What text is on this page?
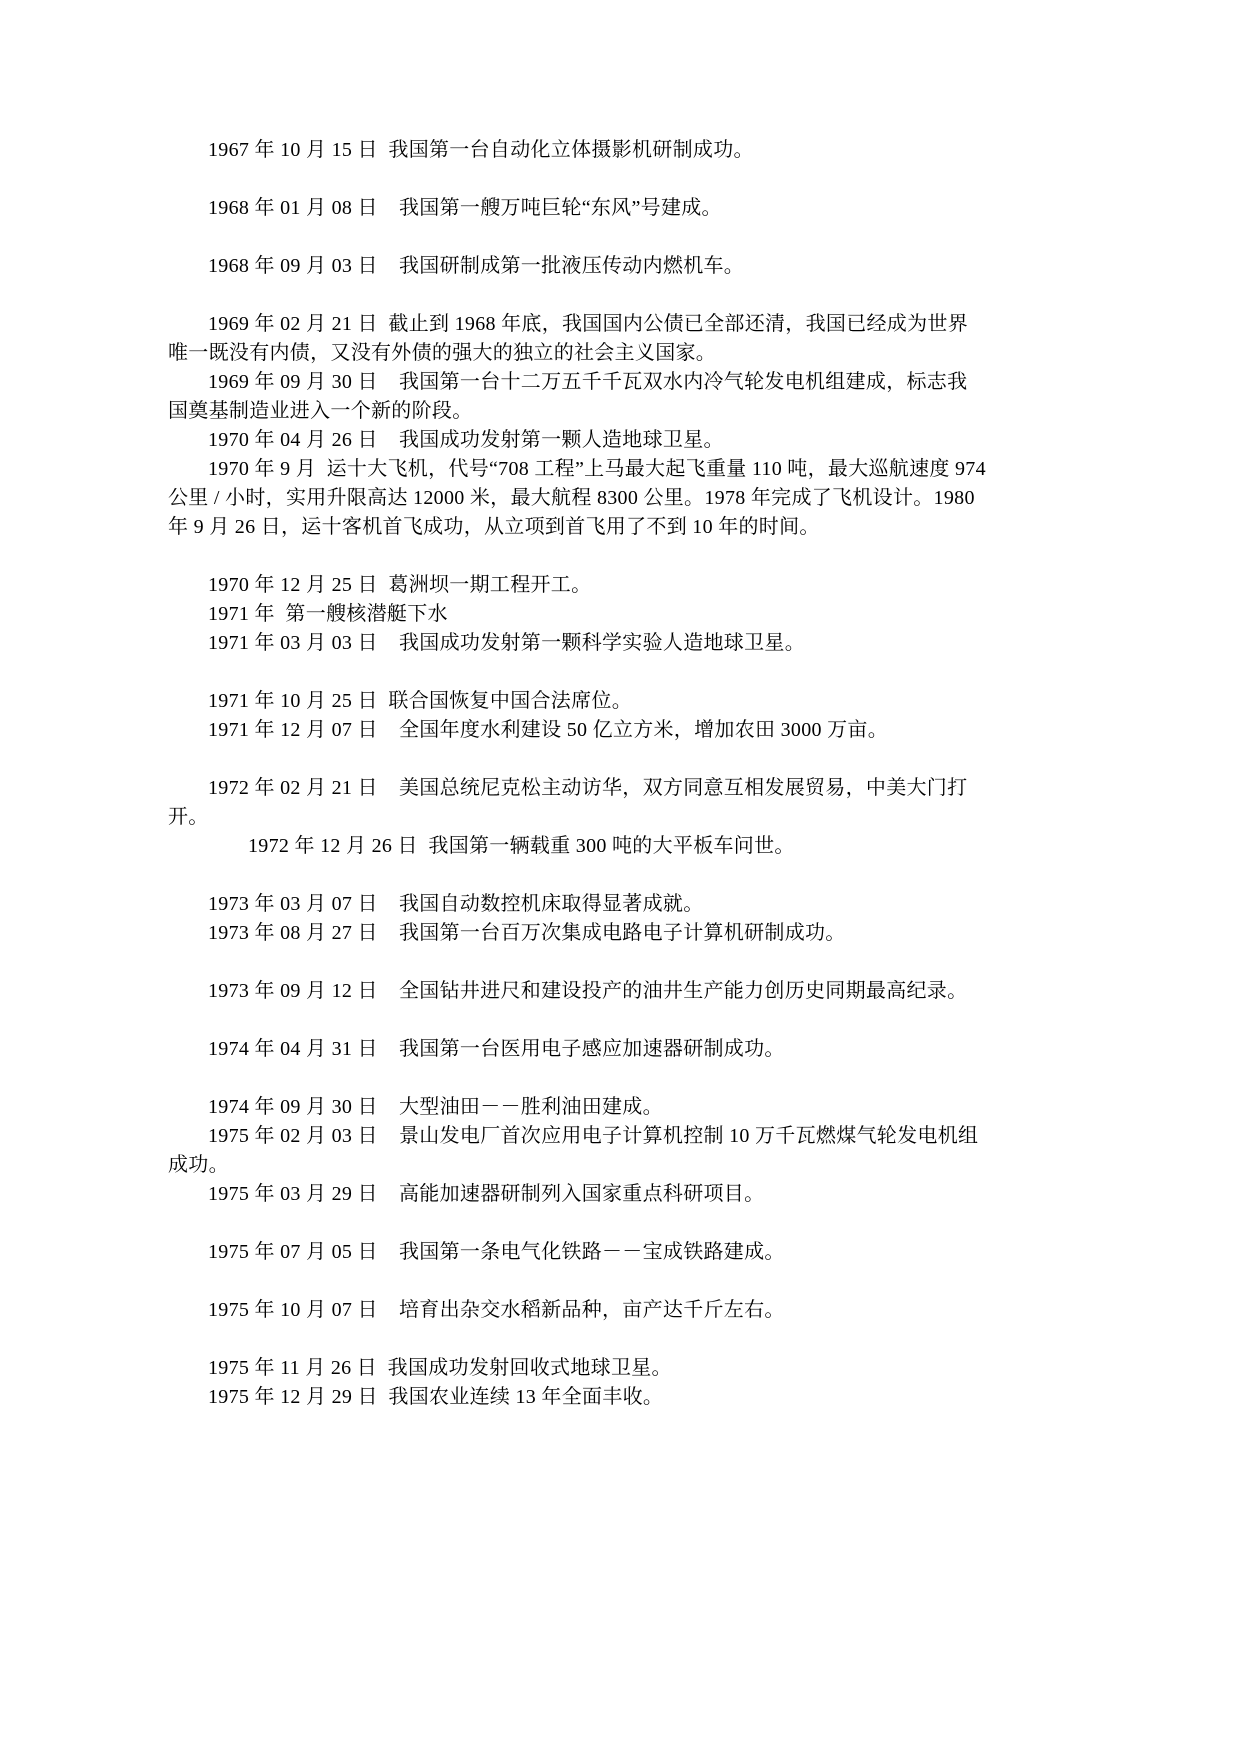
1967 年 10 月 15 日  我国第一台自动化立体摄影机研制成功。
1968 年 01 月 08 日    我国第一艘万吨巨轮“东风”号建成。
1968 年 09 月 03 日    我国研制成第一批液压传动内燃机车。
1969 年 02 月 21 日  截止到 1968 年底，我国国内公债已全部还清，我国已经成为世界
唯一既没有内债，又没有外债的强大的独立的社会主义国家。
1969 年 09 月 30 日    我国第一台十二万五千千瓦双水内冷气轮发电机组建成，标志我
国奠基制造业进入一个新的阶段。
1970 年 04 月 26 日    我国成功发射第一颗人造地球卫星。
1970 年 9 月  运十大飞机，代号“708 工程”上马最大起飞重量 110 吨，最大巡航速度 974
公里 / 小时，实用升限高达 12000 米，最大航程 8300 公里。1978 年完成了飞机设计。1980
年 9 月 26 日，运十客机首飞成功，从立项到首飞用了不到 10 年的时间。
1970 年 12 月 25 日  葛洲坝一期工程开工。
1971 年  第一艘核潜艇下水
1971 年 03 月 03 日    我国成功发射第一颗科学实验人造地球卫星。
1971 年 10 月 25 日  联合国恢复中国合法席位。
1971 年 12 月 07 日    全国年度水利建设 50 亿立方米，增加农田 3000 万亩。
1972 年 02 月 21 日    美国总统尼克松主动访华，双方同意互相发展贸易，中美大门打
开。
1972 年 12 月 26 日  我国第一辆载重 300 吨的大平板车问世。
1973 年 03 月 07 日    我国自动数控机床取得显著成就。
1973 年 08 月 27 日    我国第一台百万次集成电路电子计算机研制成功。
1973 年 09 月 12 日    全国钻井进尺和建设投产的油井生产能力创历史同期最高纪录。
1974 年 04 月 31 日    我国第一台医用电子感应加速器研制成功。
1974 年 09 月 30 日    大型油田－－胜利油田建成。
1975 年 02 月 03 日    景山发电厂首次应用电子计算机控制 10 万千瓦燃煤气轮发电机组
成功。
1975 年 03 月 29 日    高能加速器研制列入国家重点科研项目。
1975 年 07 月 05 日    我国第一条电气化铁路－－宝成铁路建成。
1975 年 10 月 07 日    培育出杂交水稻新品种，亩产达千斤左右。
1975 年 11 月 26 日  我国成功发射回收式地球卫星。
1975 年 12 月 29 日  我国农业连续 13 年全面丰收。
